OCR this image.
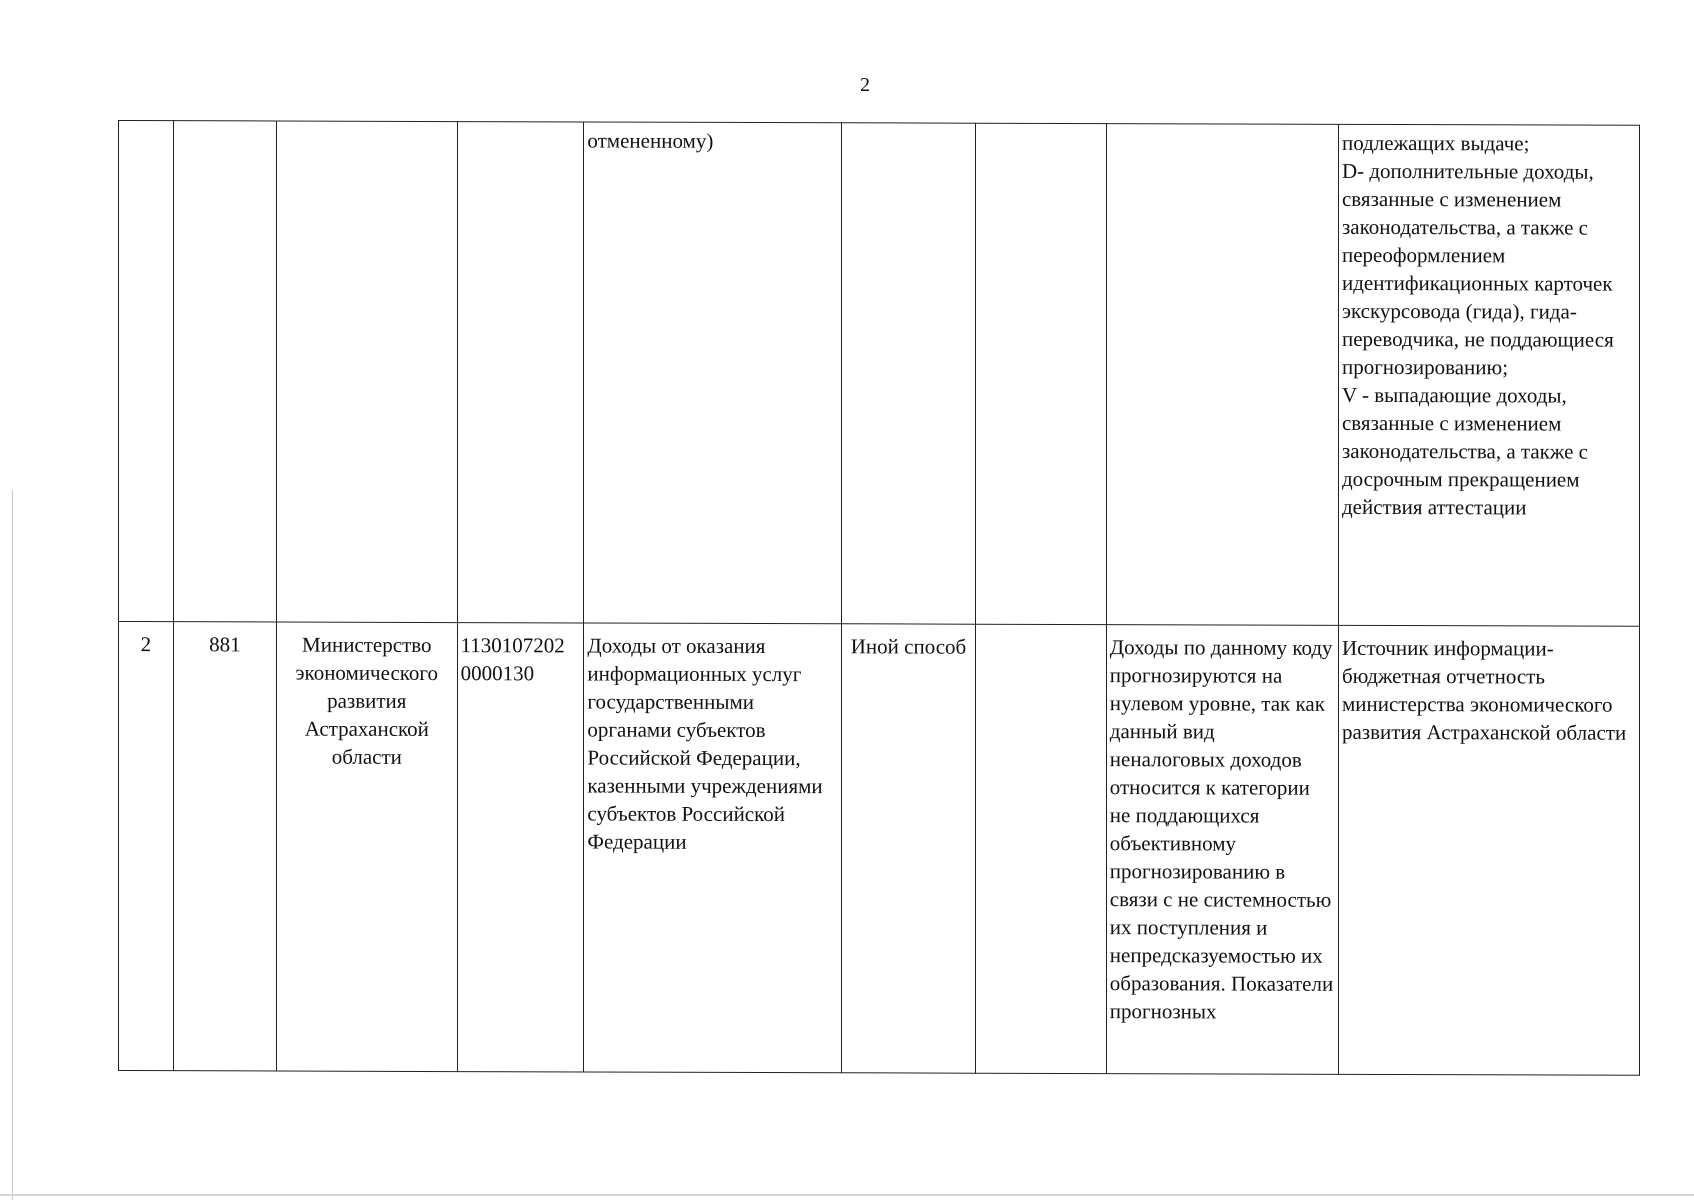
2
				отмененному)				подлежащих выдаче;
D- дополнительные доходы, связанные с изменением законодательства, а также с переоформлением идентификационных карточек экскурсовода (гида), гида-переводчика, не поддающиеся прогнозированию;
V - выпадающие доходы, связанные с изменением законодательства, а также с досрочным прекращением действия аттестации

2	881	Министерство экономического развития Астраханской области	1130107202 0000130	Доходы от оказания информационных услуг государственными органами субъектов Российской Федерации, казенными учреждениями субъектов Российской Федерации	Иной способ		Доходы по данному коду прогнозируются на нулевом уровне, так как данный вид неналоговых доходов относится к категории не поддающихся объективному прогнозированию в связи с не системностью их поступления и непредсказуемостью их образования. Показатели прогнозных	Источник информации-бюджетная отчетность министерства экономического развития Астраханской области
